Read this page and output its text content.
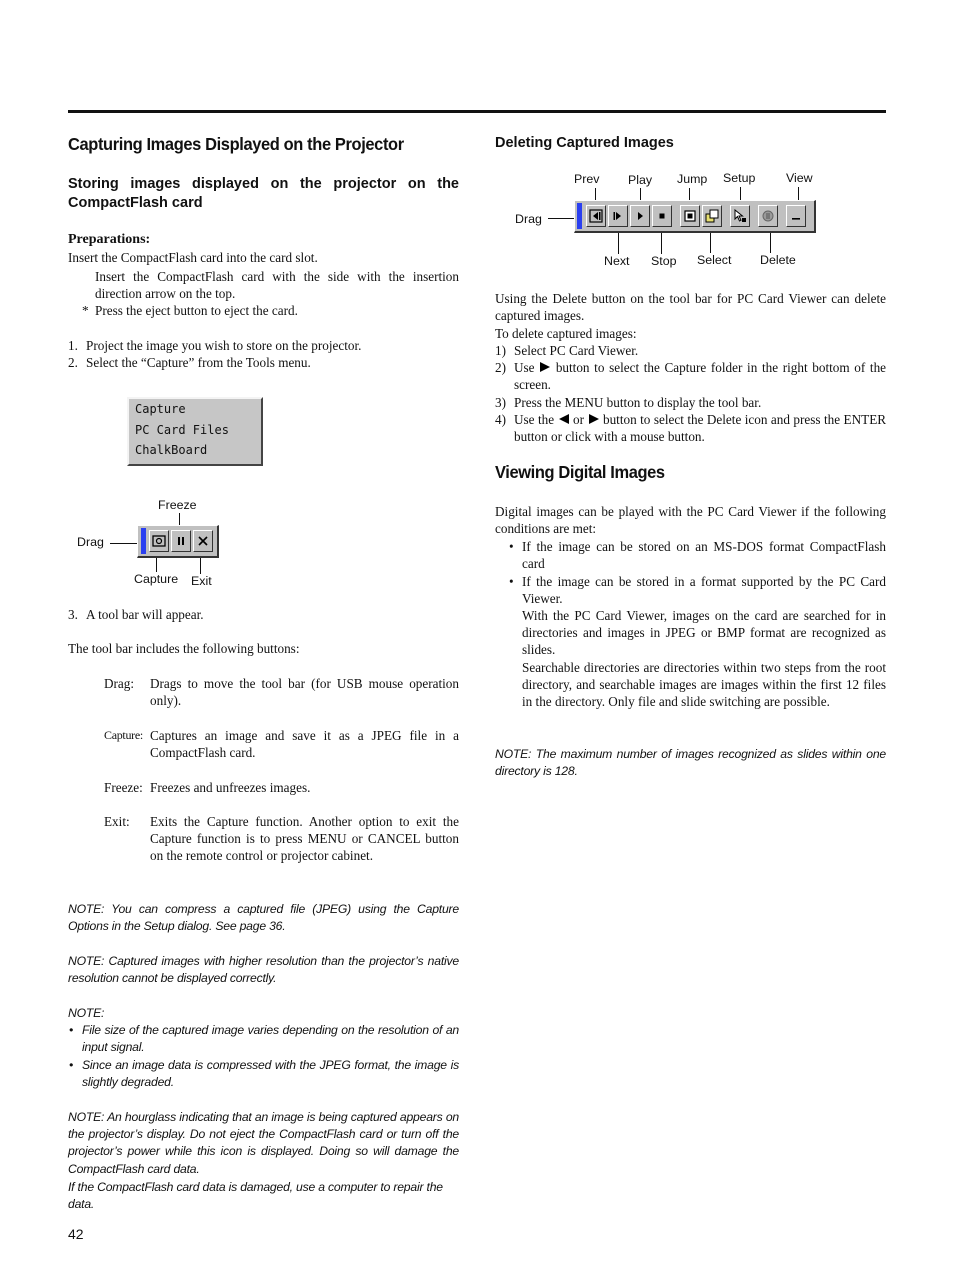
Capturing Images Displayed on the Projector
Storing images displayed on the projector on the CompactFlash card
Preparations:
Insert the CompactFlash card into the card slot.
Insert the CompactFlash card with the side with the insertion direction arrow on the top.
* Press the eject button to eject the card.
1. Project the image you wish to store on the projector.
2. Select the “Capture” from the Tools menu.
Capture
PC Card Files
ChalkBoard
Freeze
Drag
Capture Exit
3. A tool bar will appear.
The tool bar includes the following buttons:
Drag:	Drags to move the tool bar (for USB mouse operation only).
Capture: Captures an image and save it as a JPEG file in a CompactFlash card.
Freeze: Freezes and unfreezes images.
Exit:	Exits the Capture function. Another option to exit the Capture function is to press MENU or CANCEL button on the remote control or projector cabinet.
NOTE: You can compress a captured file (JPEG) using the Capture Options in the Setup dialog. See page 36.
NOTE: Captured images with higher resolution than the projector’s native resolution cannot be displayed correctly.
NOTE:
• File size of the captured image varies depending on the resolution of an input signal.
• Since an image data is compressed with the JPEG format, the image is slightly degraded.
NOTE: An hourglass indicating that an image is being captured appears on the projector’s display. Do not eject the CompactFlash card or turn off the projector’s power while this icon is displayed. Doing so will damage the CompactFlash card data.
If the CompactFlash card data is damaged, use a computer to repair the data.
42
Deleting Captured Images
Prev Play Jump Setup View
Drag
Next Stop Select Delete
Using the Delete button on the tool bar for PC Card Viewer can delete captured images.
To delete captured images:
1) Select PC Card Viewer.
2) Use button to select the Capture folder in the right bottom of the screen.
3) Press the MENU button to display the tool bar.
4) Use the or button to select the Delete icon and press the ENTER button or click with a mouse button.
Viewing Digital Images
Digital images can be played with the PC Card Viewer if the following conditions are met:
• If the image can be stored on an MS-DOS format CompactFlash card
• If the image can be stored in a format supported by the PC Card Viewer.
With the PC Card Viewer, images on the card are searched for in directories and images in JPEG or BMP format are recognized as slides.
Searchable directories are directories within two steps from the root directory, and searchable images are images within the first 12 files in the directory. Only file and slide switching are possible.
NOTE: The maximum number of images recognized as slides within one directory is 128.
